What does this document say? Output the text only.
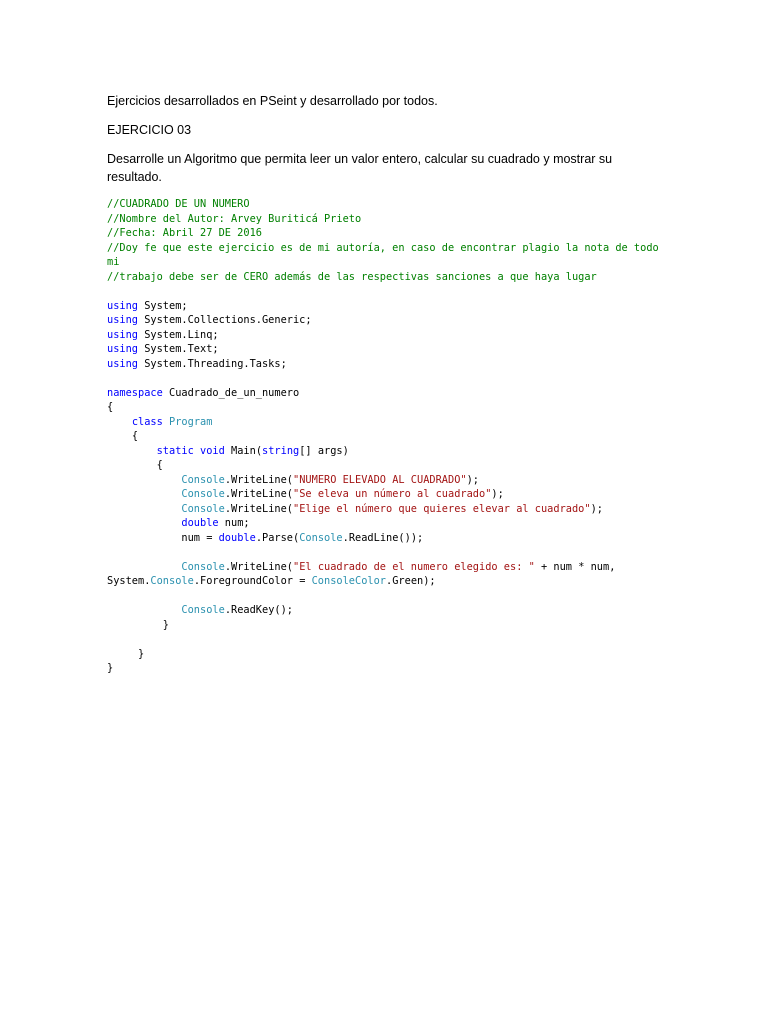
Ejercicios desarrollados en PSeint y desarrollado por todos.

EJERCICIO 03

Desarrolle un Algoritmo que permita leer un valor entero, calcular su cuadrado y mostrar su resultado.

//CUADRADO DE UN NUMERO
//Nombre del Autor: Arvey Buriticá Prieto
//Fecha: Abril 27 DE 2016
//Doy fe que este ejercicio es de mi autoría, en caso de encontrar plagio la nota de todo mi
//trabajo debe ser de CERO además de las respectivas sanciones a que haya lugar
using System;
using System.Collections.Generic;
using System.Linq;
using System.Text;
using System.Threading.Tasks;
namespace Cuadrado_de_un_numero
{
class Program
{
static void Main(string[] args)
{
Console.WriteLine("NUMERO ELEVADO AL CUADRADO");
Console.WriteLine("Se eleva un número al cuadrado");
Console.WriteLine("Elige el número que quieres elevar al cuadrado");
double num;
num = double.Parse(Console.ReadLine());
Console.WriteLine("El cuadrado de el numero elegido es: " + num * num,
System.Console.ForegroundColor = ConsoleColor.Green);
Console.ReadKey();
}
}
}
